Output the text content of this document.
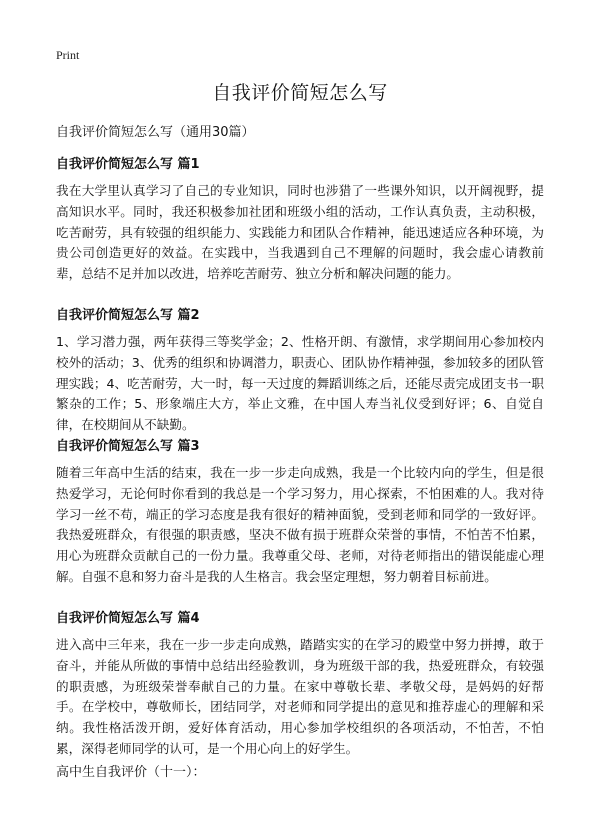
Print
自我评价简短怎么写

自我评价简短怎么写（通用30篇）

自我评价简短怎么写 篇1

我在大学里认真学习了自己的专业知识，同时也涉猎了一些课外知识，以开阔视野，提高知识水平。同时，我还积极参加社团和班级小组的活动，工作认真负责，主动积极，吃苦耐劳，具有较强的组织能力、实践能力和团队合作精神，能迅速适应各种环境，为贵公司创造更好的效益。在实践中，当我遇到自己不理解的问题时，我会虚心请教前辈，总结不足并加以改进，培养吃苦耐劳、独立分析和解决问题的能力。

自我评价简短怎么写 篇2

1、学习潜力强，两年获得三等奖学金；2、性格开朗、有激情，求学期间用心参加校内校外的活动；3、优秀的组织和协调潜力，职责心、团队协作精神强，参加较多的团队管理实践；4、吃苦耐劳，大一时，每一天过度的舞蹈训练之后，还能尽责完成团支书一职繁杂的工作；5、形象端庄大方，举止文雅，在中国人寿当礼仪受到好评；6、自觉自律，在校期间从不缺勤。

自我评价简短怎么写 篇3

随着三年高中生活的结束，我在一步一步走向成熟，我是一个比较内向的学生，但是很热爱学习，无论何时你看到的我总是一个学习努力，用心探索，不怕困难的人。我对待学习一丝不苟，端正的学习态度是我有很好的精神面貌，受到老师和同学的一致好评。我热爱班群众，有很强的职责感，坚决不做有损于班群众荣誉的事情，不怕苦不怕累，用心为班群众贡献自己的一份力量。我尊重父母、老师，对待老师指出的错误能虚心理解。自强不息和努力奋斗是我的人生格言。我会坚定理想，努力朝着目标前进。

自我评价简短怎么写 篇4

进入高中三年来，我在一步一步走向成熟，踏踏实实的在学习的殿堂中努力拼搏，敢于奋斗，并能从所做的事情中总结出经验教训，身为班级干部的我，热爱班群众，有较强的职责感，为班级荣誉奉献自己的力量。在家中尊敬长辈、孝敬父母，是妈妈的好帮手。在学校中，尊敬师长，团结同学，对老师和同学提出的意见和推荐虚心的理解和采纳。我性格活泼开朗，爱好体育活动，用心参加学校组织的各项活动，不怕苦，不怕累，深得老师同学的认可，是一个用心向上的好学生。

高中生自我评价（十一）：
